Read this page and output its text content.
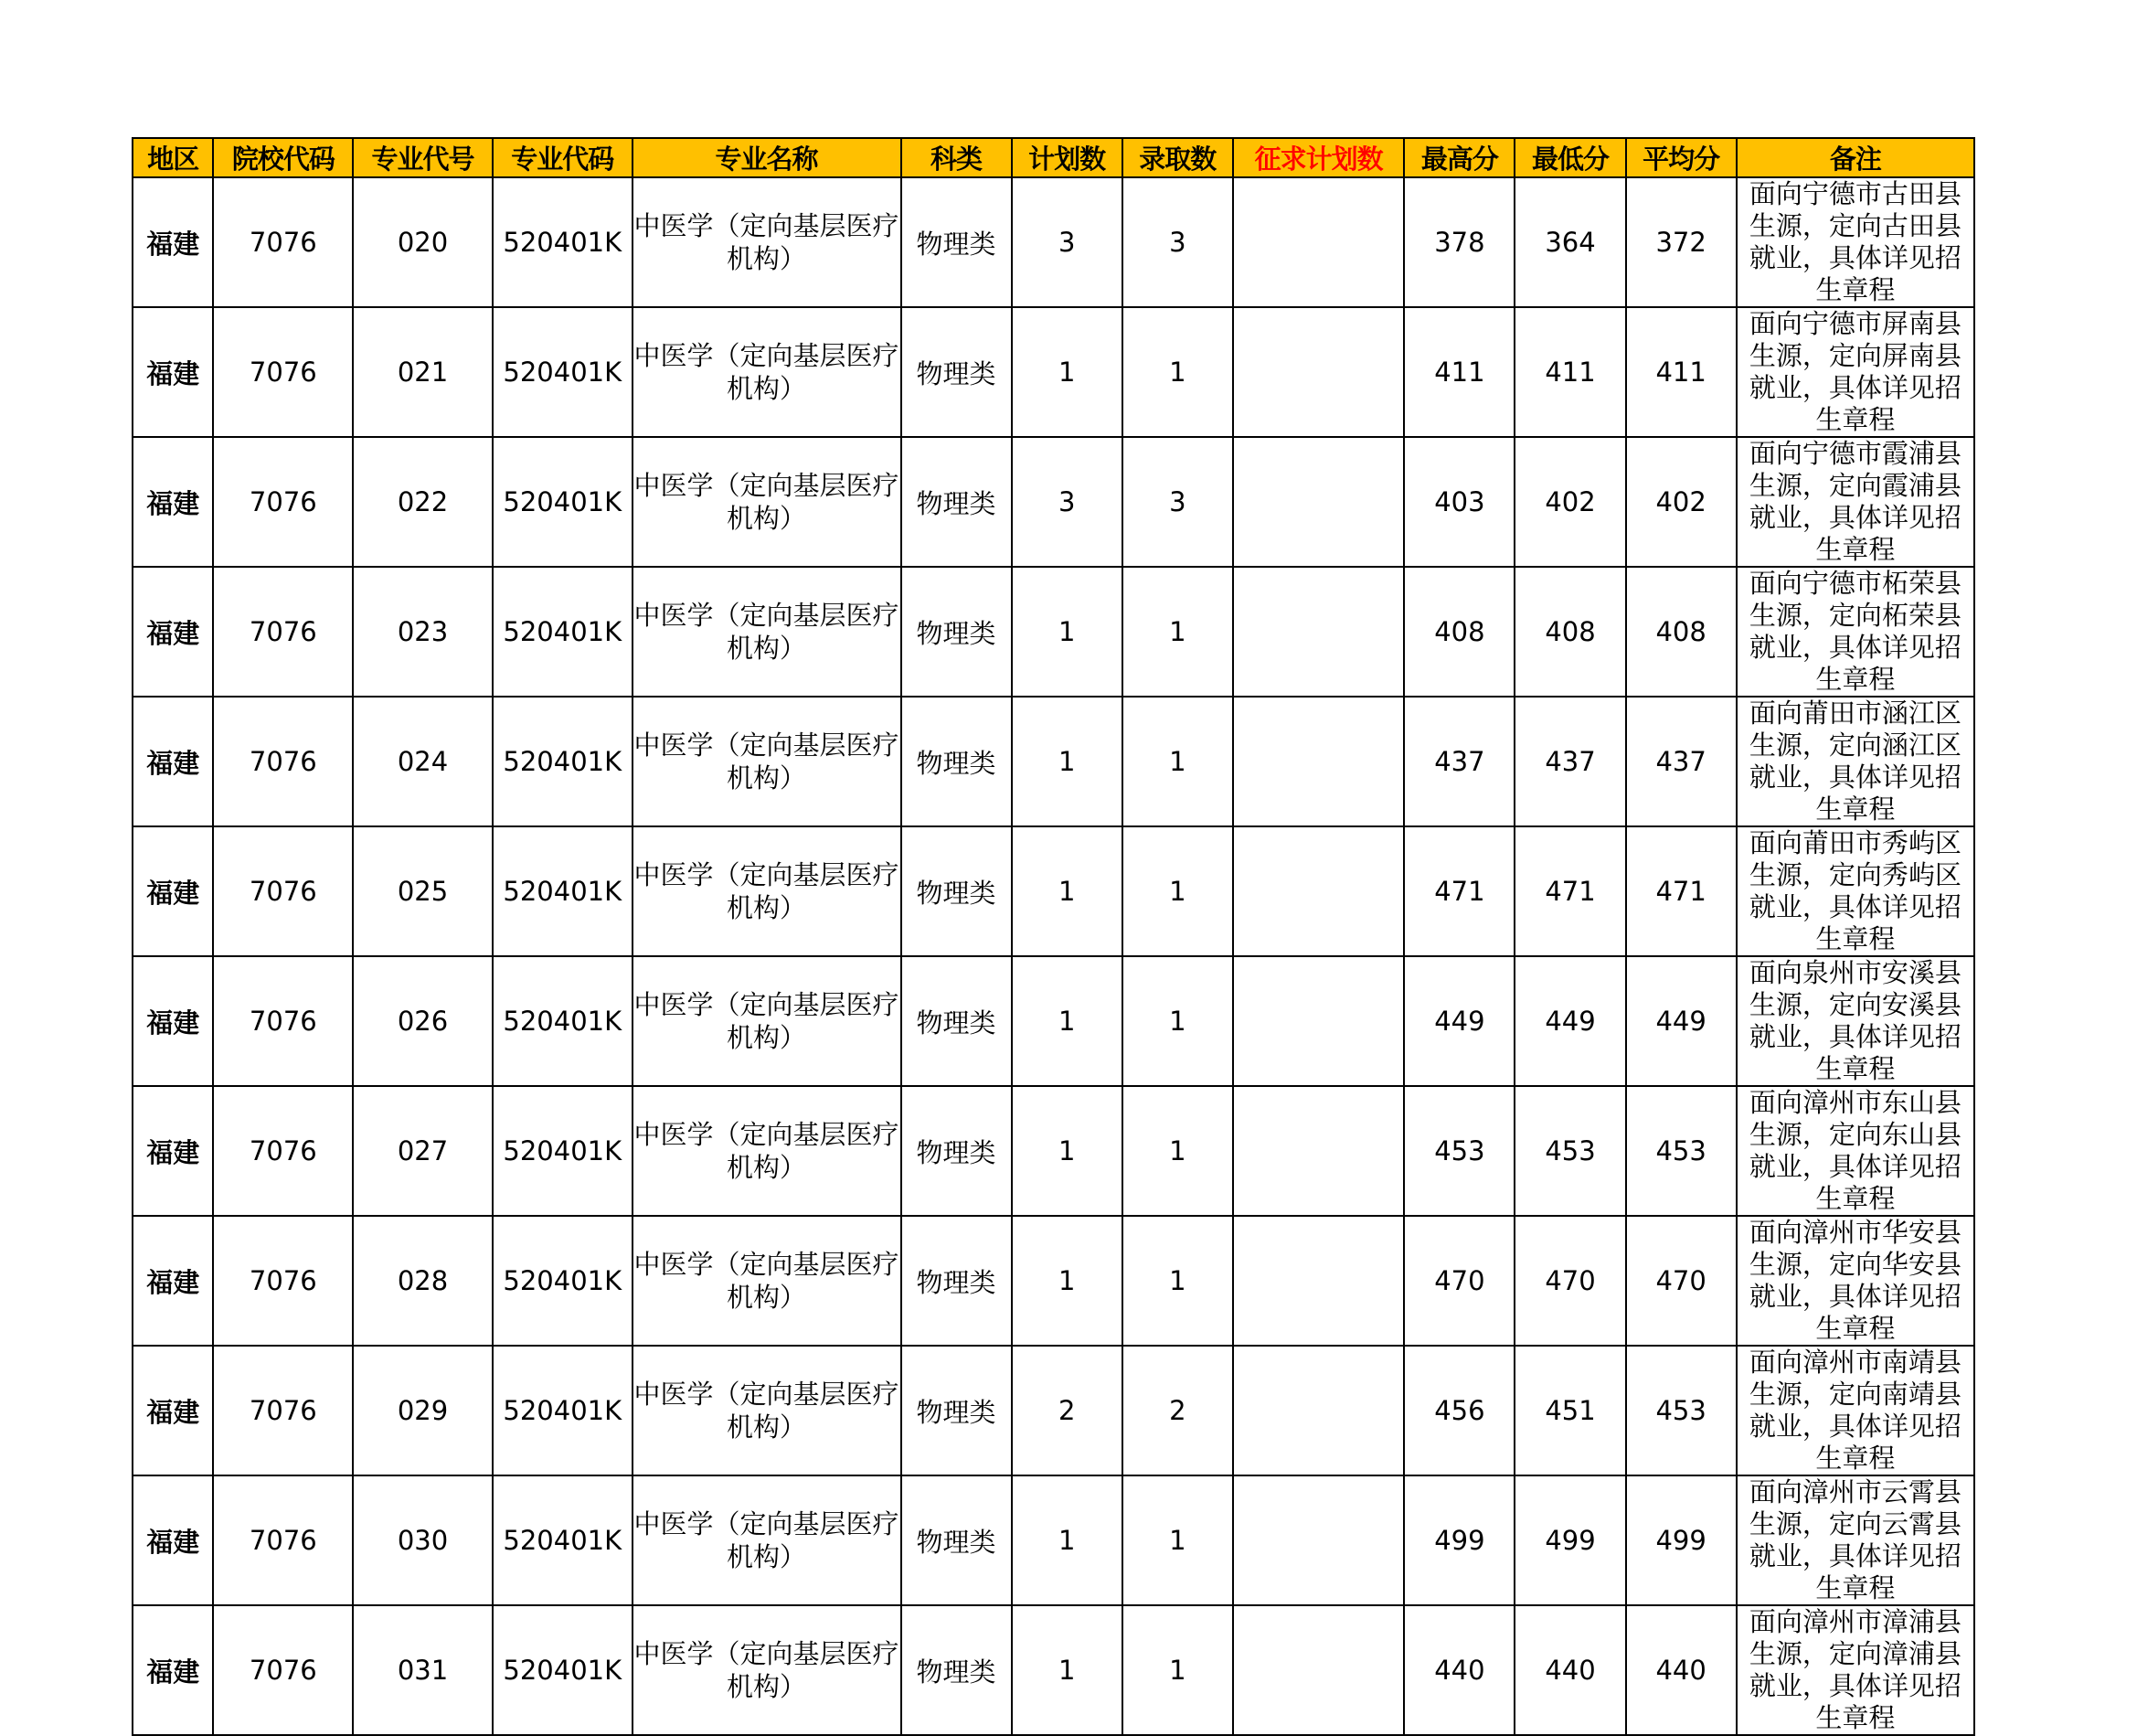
地区	院校代码	专业代号	专业代码	专业名称	科类	计划数	录取数	征求计划数	最高分	最低分	平均分	备注
福建	7076	020	520401K	中医学（定向基层医疗机构）	物理类	3	3		378	364	372	面向宁德市古田县生源，定向古田县就业，具体详见招生章程
福建	7076	021	520401K	中医学（定向基层医疗机构）	物理类	1	1		411	411	411	面向宁德市屏南县生源，定向屏南县就业，具体详见招生章程
福建	7076	022	520401K	中医学（定向基层医疗机构）	物理类	3	3		403	402	402	面向宁德市霞浦县生源，定向霞浦县就业，具体详见招生章程
福建	7076	023	520401K	中医学（定向基层医疗机构）	物理类	1	1		408	408	408	面向宁德市柘荣县生源，定向柘荣县就业，具体详见招生章程
福建	7076	024	520401K	中医学（定向基层医疗机构）	物理类	1	1		437	437	437	面向莆田市涵江区生源，定向涵江区就业，具体详见招生章程
福建	7076	025	520401K	中医学（定向基层医疗机构）	物理类	1	1		471	471	471	面向莆田市秀屿区生源，定向秀屿区就业，具体详见招生章程
福建	7076	026	520401K	中医学（定向基层医疗机构）	物理类	1	1		449	449	449	面向泉州市安溪县生源，定向安溪县就业，具体详见招生章程
福建	7076	027	520401K	中医学（定向基层医疗机构）	物理类	1	1		453	453	453	面向漳州市东山县生源，定向东山县就业，具体详见招生章程
福建	7076	028	520401K	中医学（定向基层医疗机构）	物理类	1	1		470	470	470	面向漳州市华安县生源，定向华安县就业，具体详见招生章程
福建	7076	029	520401K	中医学（定向基层医疗机构）	物理类	2	2		456	451	453	面向漳州市南靖县生源，定向南靖县就业，具体详见招生章程
福建	7076	030	520401K	中医学（定向基层医疗机构）	物理类	1	1		499	499	499	面向漳州市云霄县生源，定向云霄县就业，具体详见招生章程
福建	7076	031	520401K	中医学（定向基层医疗机构）	物理类	1	1		440	440	440	面向漳州市漳浦县生源，定向漳浦县就业，具体详见招生章程
